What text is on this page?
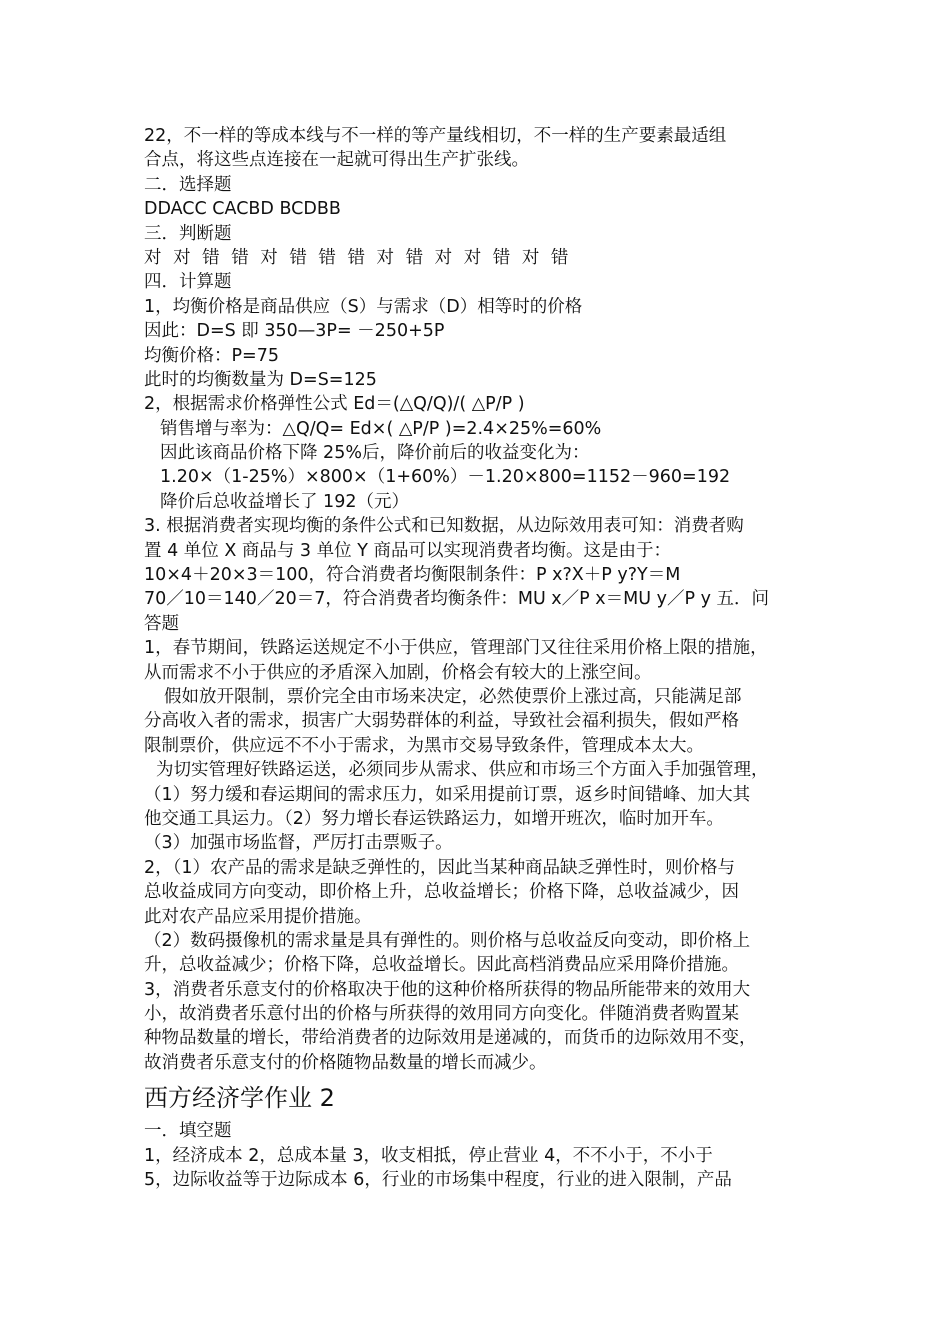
22，不一样的等成本线与不一样的等产量线相切，不一样的生产要素最适组
合点，将这些点连接在一起就可得出生产扩张线。
二．选择题
DDACC CACBD BCDBB
三．判断题
对 对 错 错 对 错 错 错 对 错 对 对 错 对 错
四．计算题
1，均衡价格是商品供应（S）与需求（D）相等时的价格
因此：D=S 即 350—3P= －250+5P
均衡价格：P=75
此时的均衡数量为 D=S=125
2，根据需求价格弹性公式 Ed＝(△Q/Q)/( △P/P )
销售增与率为：△Q/Q= Ed×( △P/P )=2.4×25%=60%
因此该商品价格下降 25%后，降价前后的收益变化为：
1.20×（1-25%）×800×（1+60%）－1.20×800=1152－960=192
降价后总收益增长了 192（元）
3. 根据消费者实现均衡的条件公式和已知数据，从边际效用表可知：消费者购
置 4 单位 X 商品与 3 单位 Y 商品可以实现消费者均衡。这是由于：
10×4＋20×3＝100，符合消费者均衡限制条件：P x?X＋P y?Y＝M
70／10＝140／20＝7，符合消费者均衡条件：MU x／P x＝MU y／P y 五．问
答题
1，春节期间，铁路运送规定不小于供应，管理部门又往往采用价格上限的措施，
从而需求不小于供应的矛盾深入加剧，价格会有较大的上涨空间。
假如放开限制，票价完全由市场来决定，必然使票价上涨过高，只能满足部
分高收入者的需求，损害广大弱势群体的利益，导致社会福利损失，假如严格
限制票价，供应远不不小于需求，为黑市交易导致条件，管理成本太大。
为切实管理好铁路运送，必须同步从需求、供应和市场三个方面入手加强管理，
（1）努力缓和春运期间的需求压力，如采用提前订票，返乡时间错峰、加大其
他交通工具运力。（2）努力增长春运铁路运力，如增开班次，临时加开车。
（3）加强市场监督，严厉打击票贩子。
2，（1）农产品的需求是缺乏弹性的，因此当某种商品缺乏弹性时，则价格与
总收益成同方向变动，即价格上升，总收益增长；价格下降，总收益减少，因
此对农产品应采用提价措施。
（2）数码摄像机的需求量是具有弹性的。则价格与总收益反向变动，即价格上
升，总收益减少；价格下降，总收益增长。因此高档消费品应采用降价措施。
3，消费者乐意支付的价格取决于他的这种价格所获得的物品所能带来的效用大
小，故消费者乐意付出的价格与所获得的效用同方向变化。伴随消费者购置某
种物品数量的增长，带给消费者的边际效用是递减的，而货币的边际效用不变，
故消费者乐意支付的价格随物品数量的增长而减少。
西方经济学作业 2
一．填空题
1，经济成本 2，总成本量 3，收支相抵，停止营业 4，不不小于，不小于
5，边际收益等于边际成本 6，行业的市场集中程度，行业的进入限制，产品
